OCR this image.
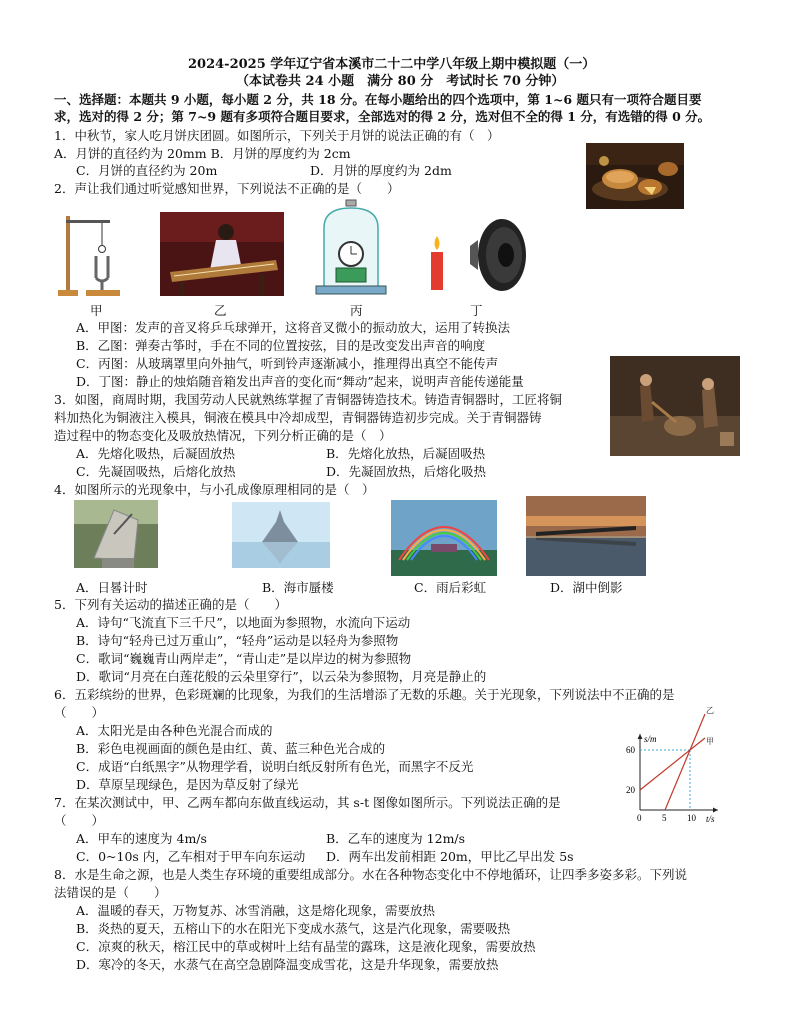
2024-2025 学年辽宁省本溪市二十二中学八年级上期中模拟题（一）
（本试卷共 24 小题　满分 80 分　考试时长 70 分钟）
一、选择题：本题共 9 小题，每小题 2 分，共 18 分。在每小题给出的四个选项中，第 1~6 题只有一项符合题目要
求，选对的得 2 分；第 7~9 题有多项符合题目要求，全部选对的得 2 分，选对但不全的得 1 分，有选错的得 0 分。
1．中秋节，家人吃月饼庆团圆。如图所示，下列关于月饼的说法正确的有（　）
A．月饼的直径约为 20mm B．月饼的厚度约为 2cm
C．月饼的直径约为 20m	D．月饼的厚度约为 2dm
2．声让我们通过听觉感知世界，下列说法不正确的是（　　）
甲	乙	丙	丁
A．甲图：发声的音叉将乒乓球弹开，这将音叉微小的振动放大，运用了转换法
B．乙图：弹奏古筝时，手在不同的位置按弦，目的是改变发出声音的响度
C．丙图：从玻璃罩里向外抽气，听到铃声逐渐减小，推理得出真空不能传声
D．丁图：静止的烛焰随音箱发出声音的变化而“舞动”起来，说明声音能传递能量
3．如图，商周时期，我国劳动人民就熟练掌握了青铜器铸造技术。铸造青铜器时，工匠将铜
料加热化为铜液注入模具，铜液在模具中冷却成型，青铜器铸造初步完成。关于青铜器铸
造过程中的物态变化及吸放热情况，下列分析正确的是（　）
A．先熔化吸热，后凝固放热	B．先熔化放热，后凝固吸热
C．先凝固吸热，后熔化放热	D．先凝固放热，后熔化吸热
4．如图所示的光现象中，与小孔成像原理相同的是（　）
A．日晷计时	B．海市蜃楼	C．雨后彩虹	D．湖中倒影
5．下列有关运动的描述正确的是（　　）
A．诗句“飞流直下三千尺”，以地面为参照物，水流向下运动
B．诗句“轻舟已过万重山”，“轻舟”运动是以轻舟为参照物
C．歌词“巍巍青山两岸走”，“青山走”是以岸边的树为参照物
D．歌词“月亮在白莲花般的云朵里穿行”，以云朵为参照物，月亮是静止的
6．五彩缤纷的世界，色彩斑斓的比现象，为我们的生活增添了无数的乐趣。关于光现象，下列说法中不正确的是
（　　）
A．太阳光是由各种色光混合而成的
B．彩色电视画面的颜色是由红、黄、蓝三种色光合成的
C．成语“白纸黑字”从物理学看，说明白纸反射所有色光，而黑字不反光
D．草原呈现绿色，是因为草反射了绿光
s/m
t/s
0 5 10
20
60
乙
甲
7．在某次测试中，甲、乙两车都向东做直线运动，其 s-t 图像如图所示。下列说法正确的是
（　　）
A．甲车的速度为 4m/s	B．乙车的速度为 12m/s
C．0~10s 内，乙车相对于甲车向东运动 D．两车出发前相距 20m，甲比乙早出发 5s
8．水是生命之源，也是人类生存环境的重要组成部分。水在各种物态变化中不停地循环，让四季多姿多彩。下列说
法错误的是（　　）
A．温暖的春天，万物复苏、冰雪消融，这是熔化现象，需要放热
B．炎热的夏天，五榕山下的水在阳光下变成水蒸气，这是汽化现象，需要吸热
C．凉爽的秋天，榕江民中的草或树叶上结有晶莹的露珠，这是液化现象，需要放热
D．寒冷的冬天，水蒸气在高空急剧降温变成雪花，这是升华现象，需要放热
